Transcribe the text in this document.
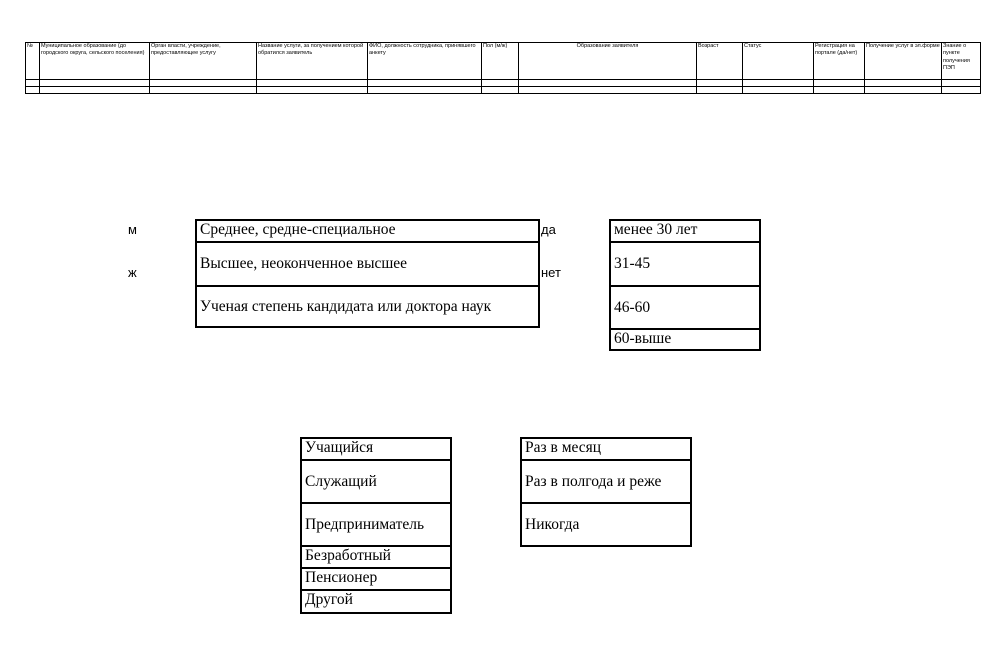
№	Муниципальное образование (до городского округа, сельского поселения)	Орган власти, учреждение, предоставляющее услугу	Название услуги, за получением которой обратился заявитель	ФИО, должность сотрудника, принявшего анкету	Пол (м/ж)	Образование заявителя	Возраст	Статус	Регистрация на портале (да/нет)	Получение услуг в эл.форме	Знание о пункте получения ПЭП

м
ж
Среднее, средне-специальное
Высшее, неоконченное высшее
Ученая степень кандидата или доктора наук
да
нет
менее 30 лет
31-45
46-60
60-выше
Учащийся
Служащий
Предприниматель
Безработный
Пенсионер
Другой
Раз в месяц
Раз в полгода и реже
Никогда
